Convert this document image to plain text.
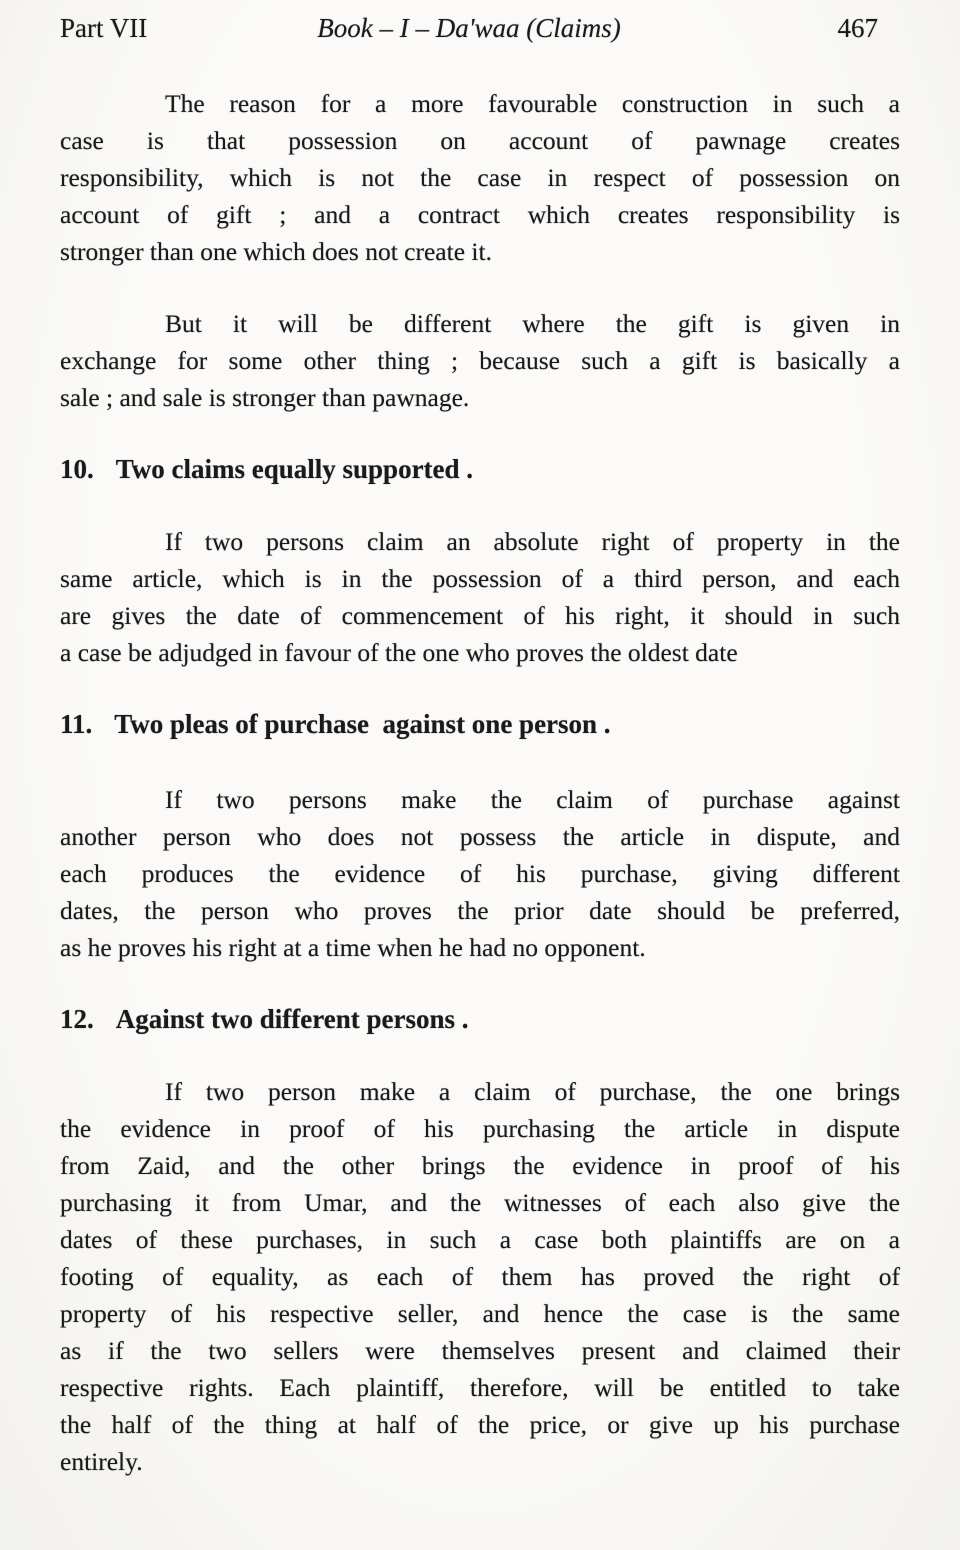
Part VII	Book – I – Da'waa (Claims)	467
The reason for a more favourable construction in such a
case is that possession on account of pawnage creates
responsibility, which is not the case in respect of possession on
account of gift ; and a contract which creates responsibility is
stronger than one which does not create it.
But it will be different where the gift is given in
exchange for some other thing ; because such a gift is basically a
sale ; and sale is stronger than pawnage.
10. Two claims equally supported .
If two persons claim an absolute right of property in the
same article, which is in the possession of a third person, and each
are gives the date of commencement of his right, it should in such
a case be adjudged in favour of the one who proves the oldest date
11. Two pleas of purchase  against one person .
If two persons make the claim of purchase against
another person who does not possess the article in dispute, and
each produces the evidence of his purchase, giving different
dates, the person who proves the prior date should be preferred,
as he proves his right at a time when he had no opponent.
12. Against two different persons .
If two person make a claim of purchase, the one brings
the evidence in proof of his purchasing the article in dispute
from Zaid, and the other brings the evidence in proof of his
purchasing it from Umar, and the witnesses of each also give the
dates of these purchases, in such a case both plaintiffs are on a
footing of equality, as each of them has proved the right of
property of his respective seller, and hence the case is the same
as if the two sellers were themselves present and claimed their
respective rights. Each plaintiff, therefore, will be entitled to take
the half of the thing at half of the price, or give up his purchase
entirely.
